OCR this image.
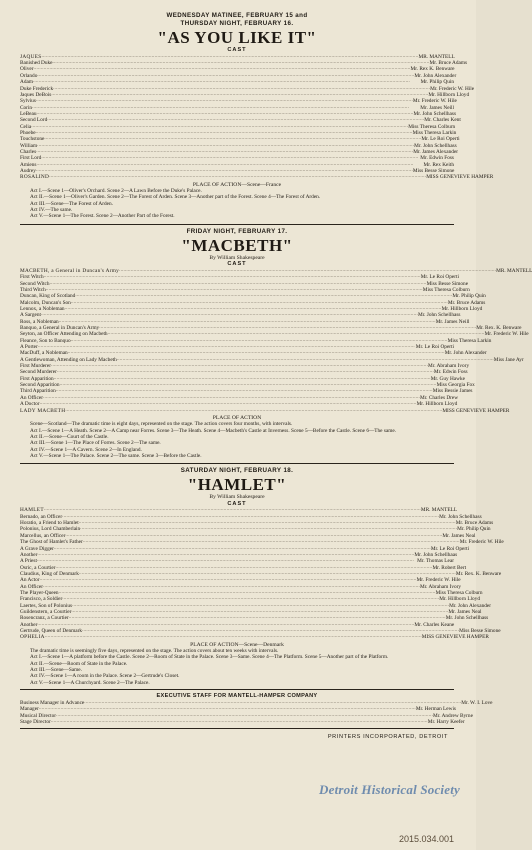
WEDNESDAY MATINEE, FEBRUARY 15 and

THURSDAY NIGHT, FEBRUARY 16.

"AS YOU LIKE IT"

CAST

JAQUES .................................................................................................................................................................................................................................................................... MR. MANTELL
Banished Duke .................................................................................................................................................................................................................................................................... Mr. Bruce Adams
Oliver .................................................................................................................................................................................................................................................................... Mr. Rex K. Benware
Orlando .................................................................................................................................................................................................................................................................... Mr. John Alexander
Adam ....................................................................................................................................................................................................................................................................	Mr. Philip Quin
Duke Frederick .................................................................................................................................................................................................................................................................... Mr. Frederic W. Hile
Jaques DeBois .................................................................................................................................................................................................................................................................... Mr. Hillborn Lloyd
Sylvius .................................................................................................................................................................................................................................................................... Mr. Frederic W. Hile
Corin ....................................................................................................................................................................................................................................................................	Mr. James Neill
LeBeau .................................................................................................................................................................................................................................................................... Mr. John Schellhass
Second Lord .................................................................................................................................................................................................................................................................... Mr. Charles Kent
Celia .................................................................................................................................................................................................................................................................... Miss Theresa Colburn
Phoebe .................................................................................................................................................................................................................................................................... Miss Theresa Larkin
Touchstone .................................................................................................................................................................................................................................................................... Mr. Le Roi Operti
William .................................................................................................................................................................................................................................................................... Mr. John Schellhass
Charles .................................................................................................................................................................................................................................................................... Mr. James Alexander
First Lord .................................................................................................................................................................................................................................................................... Mr. Edwin Foss
Amiens ....................................................................................................................................................................................................................................................................	Mr. Rex Keith
Audrey .................................................................................................................................................................................................................................................................... Miss Besse Simone
ROSALIND .................................................................................................................................................................................................................................................................... MISS GENEVIEVE HAMPER

PLACE OF ACTION—Scene—France

Act I.—Scene 1—Oliver's Orchard. Scene 2—A Lawn Before the Duke's Palace.

Act II.—Scene 1—Oliver's Garden. Scene 2—The Forest of Arden. Scene 3—Another part of the Forest. Scene 4—The Forest of Arden.

Act III.—Scene—The Forest of Arden.

Act IV.—The same.

Act V.—Scene 1—The Forest. Scene 2—Another Part of the Forest.

FRIDAY NIGHT, FEBRUARY 17.

"MACBETH"

By William Shakespeare

CAST

MACBETH, a General in Duncan's Army .................................................................................................................................................................................................................................................................... MR. MANTELL
First Witch .................................................................................................................................................................................................................................................................... Mr. Le Roi Operti
Second Witch .................................................................................................................................................................................................................................................................... Miss Besse Simone
Third Witch .................................................................................................................................................................................................................................................................... Miss Theresa Colburn
Duncan, King of Scotland .................................................................................................................................................................................................................................................................... Mr. Philip Quin
Malcolm, Duncan's Son .................................................................................................................................................................................................................................................................... Mr. Bruce Adams
Lennox, a Nobleman .................................................................................................................................................................................................................................................................... Mr. Hillborn Lloyd
A Sargent .................................................................................................................................................................................................................................................................... Mr. John Schellhass
Ross, a Nobleman .................................................................................................................................................................................................................................................................... Mr. James Neill
Banquo, a General in Duncan's Army .................................................................................................................................................................................................................................................................... Mr. Rex. K. Benware
Seyton, an Officer Attending on Macbeth .................................................................................................................................................................................................................................................................... Mr. Frederic W. Hile
Fleance, Son to Banquo .................................................................................................................................................................................................................................................................... Miss Theresa Larkin
A Porter .................................................................................................................................................................................................................................................................... Mr. Le Roi Operti
MacDuff, a Nobleman .................................................................................................................................................................................................................................................................... Mr. John Alexander
A Gentlewoman, Attending on Lady Macbeth .................................................................................................................................................................................................................................................................... Miss Jane Ayr
First Murderer .................................................................................................................................................................................................................................................................... Mr. Abraham Ivory
Second Murderer .................................................................................................................................................................................................................................................................... Mr. Edwin Foss
First Apparition .................................................................................................................................................................................................................................................................... Mr. Guy Hawke
Second Apparition .................................................................................................................................................................................................................................................................... Miss Georgia Fox
Third Apparition .................................................................................................................................................................................................................................................................... Miss Bessie James
An Officer .................................................................................................................................................................................................................................................................... Mr. Charles Drew
A Doctor .................................................................................................................................................................................................................................................................... Mr. Hillborn Lloyd
LADY MACBETH .................................................................................................................................................................................................................................................................... MISS GENEVIEVE HAMPER

PLACE OF ACTION

Scene—Scotland—The dramatic time is eight days, represented on the stage. The action covers four months, with intervals.

Act I.—Scene 1—A Heath. Scene 2—A Camp near Forres. Scene 3—The Heath. Scene 4—Macbeth's Castle at Inverness. Scene 5—Before the Castle. Scene 6—The same.

Act II.—Scene—Court of the Castle.

Act III.—Scene 1—The Place of Forres. Scene 2—The same.

Act IV.—Scene 1—A Cavern. Scene 2—In England.

Act V.—Scene 1—The Palace. Scene 2—The same. Scene 3—Before the Castle.

SATURDAY NIGHT, FEBRUARY 18.

"HAMLET"

By William Shakespeare

CAST

HAMLET .................................................................................................................................................................................................................................................................... MR. MANTELL
Bernado, an Officer .................................................................................................................................................................................................................................................................... Mr. John Schellhass
Horatio, a Friend to Hamlet .................................................................................................................................................................................................................................................................... Mr. Bruce Adams
Polonius, Lord Chamberlain .................................................................................................................................................................................................................................................................... Mr. Philip Quin
Marcellus, an Officer .................................................................................................................................................................................................................................................................... Mr. James Neal
The Ghost of Hamlet's Father .................................................................................................................................................................................................................................................................... Mr. Frederic W. Hile
A Grave Digger .................................................................................................................................................................................................................................................................... Mr. Le Roi Operti
Another .................................................................................................................................................................................................................................................................... Mr. John Schellhaas
A Priest .................................................................................................................................................................................................................................................................... Mr. Thomas Lear
Osric, a Courtier .................................................................................................................................................................................................................................................................... Mr. Robert Bert
Claudius, King of Denmark .................................................................................................................................................................................................................................................................... Mr. Rex. K. Benware
An Actor .................................................................................................................................................................................................................................................................... Mr. Frederic W. Hile
An Officer .................................................................................................................................................................................................................................................................... Mr. Abraham Ivory
The Player-Queen .................................................................................................................................................................................................................................................................... Miss Theresa Colburn
Francisco, a Soldier .................................................................................................................................................................................................................................................................... Mr. Hillborn Lloyd
Laertes, Son of Polonius .................................................................................................................................................................................................................................................................... Mr. John Alexander
Guildenstern, a Courtier .................................................................................................................................................................................................................................................................... Mr. James Neal
Rosencranz, a Courtier .................................................................................................................................................................................................................................................................... Mr. John Schellhass
Another .................................................................................................................................................................................................................................................................... Mr. Charles Keane
Gertrude, Queen of Denmark .................................................................................................................................................................................................................................................................... Miss Besse Simone
OPHELIA .................................................................................................................................................................................................................................................................... MISS GENEVIEVE HAMPER

PLACE OF ACTION—Scene—Denmark

The dramatic time is seemingly five days, represented on the stage. The action covers about ten weeks with intervals.

Act I.—Scene 1—A platform before the Castle. Scene 2—Room of State in the Palace. Scene 3—Same. Scene 4—The Platform. Scene 5—Another part of the Platform.

Act II.—Scene—Room of State in the Palace.

Act III.—Scene—Same.

Act IV.—Scene 1—A room in the Palace. Scene 2—Gertrude's Closet.

Act V.—Scene 1—A Churchyard. Scene 2—The Palace.

EXECUTIVE STAFF FOR MANTELL-HAMPER COMPANY

Business Manager in Advance .................................................................................................................................................................................................................................................................... Mr. W. I. Love
Manager .................................................................................................................................................................................................................................................................... Mr. Herman Lewis
Musical Director .................................................................................................................................................................................................................................................................... Mr. Andrew Byrne
Stage Director .................................................................................................................................................................................................................................................................... Mr. Harry Keefer

PRINTERS INCORPORATED, DETROIT

Detroit Historical Society
2015.034.001
